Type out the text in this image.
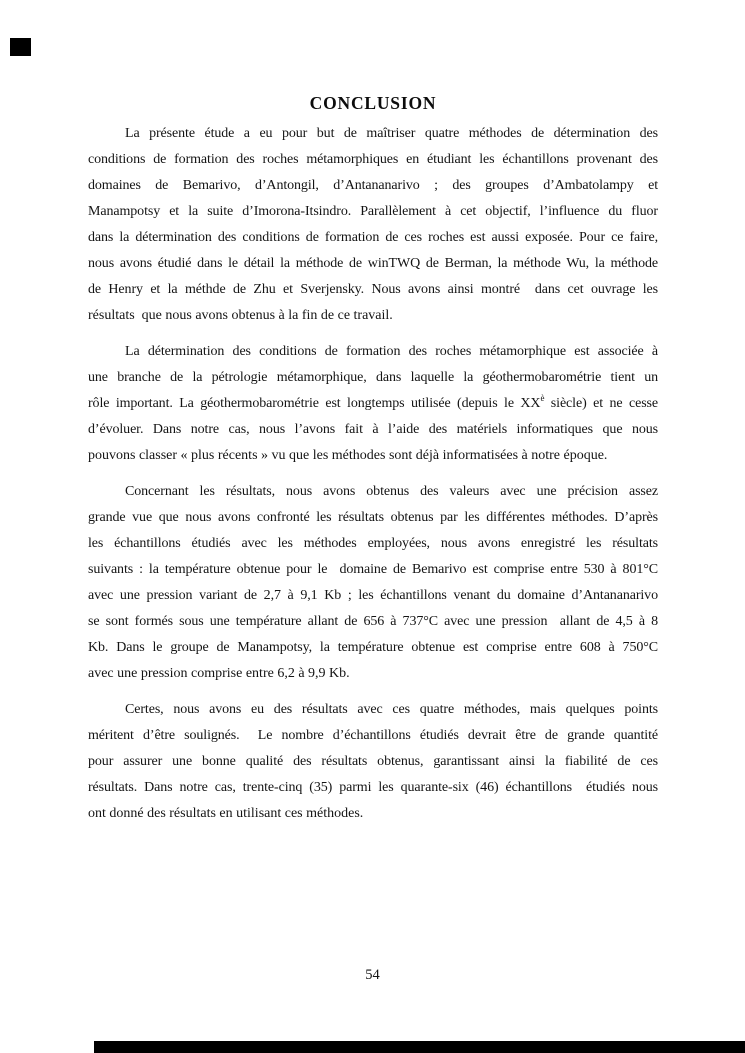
CONCLUSION
La présente étude a eu pour but de maîtriser quatre méthodes de détermination des
conditions de formation des roches métamorphiques en étudiant les échantillons provenant des
domaines de Bemarivo, d’Antongil, d’Antananarivo ; des groupes d’Ambatolampy et
Manampotsy et la suite d’Imorona-Itsindro. Parallèlement à cet objectif, l’influence du fluor
dans la détermination des conditions de formation de ces roches est aussi exposée. Pour ce faire,
nous avons étudié dans le détail la méthode de winTWQ de Berman, la méthode Wu, la méthode
de Henry et la méthde de Zhu et Sverjensky. Nous avons ainsi montré  dans cet ouvrage les
résultats  que nous avons obtenus à la fin de ce travail.
La détermination des conditions de formation des roches métamorphique est associée à
une branche de la pétrologie métamorphique, dans laquelle la géothermobarométrie tient un
rôle important. La géothermobarométrie est longtemps utilisée (depuis le $XX^è$ siècle) et ne cesse
d’évoluer. Dans notre cas, nous l’avons fait à l’aide des matériels informatiques que nous
pouvons classer « plus récents » vu que les méthodes sont déjà informatisées à notre époque.
Concernant les résultats, nous avons obtenus des valeurs avec une précision assez
grande vue que nous avons confronté les résultats obtenus par les différentes méthodes. D’après
les échantillons étudiés avec les méthodes employées, nous avons enregistré les résultats
suivants : la température obtenue pour le  domaine de Bemarivo est comprise entre 530 à 801°C
avec une pression variant de 2,7 à 9,1 Kb ; les échantillons venant du domaine d’Antananarivo
se sont formés sous une température allant de 656 à 737°C avec une pression  allant de 4,5 à 8
Kb. Dans le groupe de Manampotsy, la température obtenue est comprise entre 608 à 750°C
avec une pression comprise entre 6,2 à 9,9 Kb.
Certes, nous avons eu des résultats avec ces quatre méthodes, mais quelques points
méritent d’être soulignés.  Le nombre d’échantillons étudiés devrait être de grande quantité
pour assurer une bonne qualité des résultats obtenus, garantissant ainsi la fiabilité de ces
résultats. Dans notre cas, trente-cinq (35) parmi les quarante-six (46) échantillons  étudiés nous
ont donné des résultats en utilisant ces méthodes.
54
